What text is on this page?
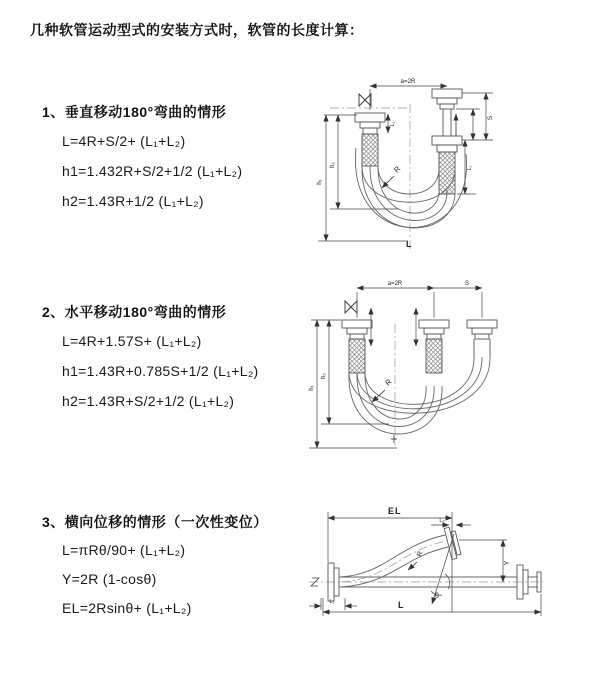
几种软管运动型式的安装方式时，软管的长度计算：
1、垂直移动180°弯曲的情形
L=4R+S/2+ (L₁+L₂)
h1=1.432R+S/2+1/2 (L₁+L₂)
h2=1.43R+1/2 (L₁+L₂)
2、水平移动180°弯曲的情形
L=4R+1.57S+ (L₁+L₂)
h1=1.43R+0.785S+1/2 (L₁+L₂)
h2=1.43R+S/2+1/2 (L₁+L₂)
3、横向位移的情形（一次性变位）
L=πRθ/90+ (L₁+L₂)
Y=2R (1-cosθ)
EL=2Rsinθ+ (L₁+L₂)
a=2R
h₁
h₂
L₁
S
L₁
R
L
a=2R	S
h₁
h₂
R
EL
L₂
Y
R
θ
L
L₁
